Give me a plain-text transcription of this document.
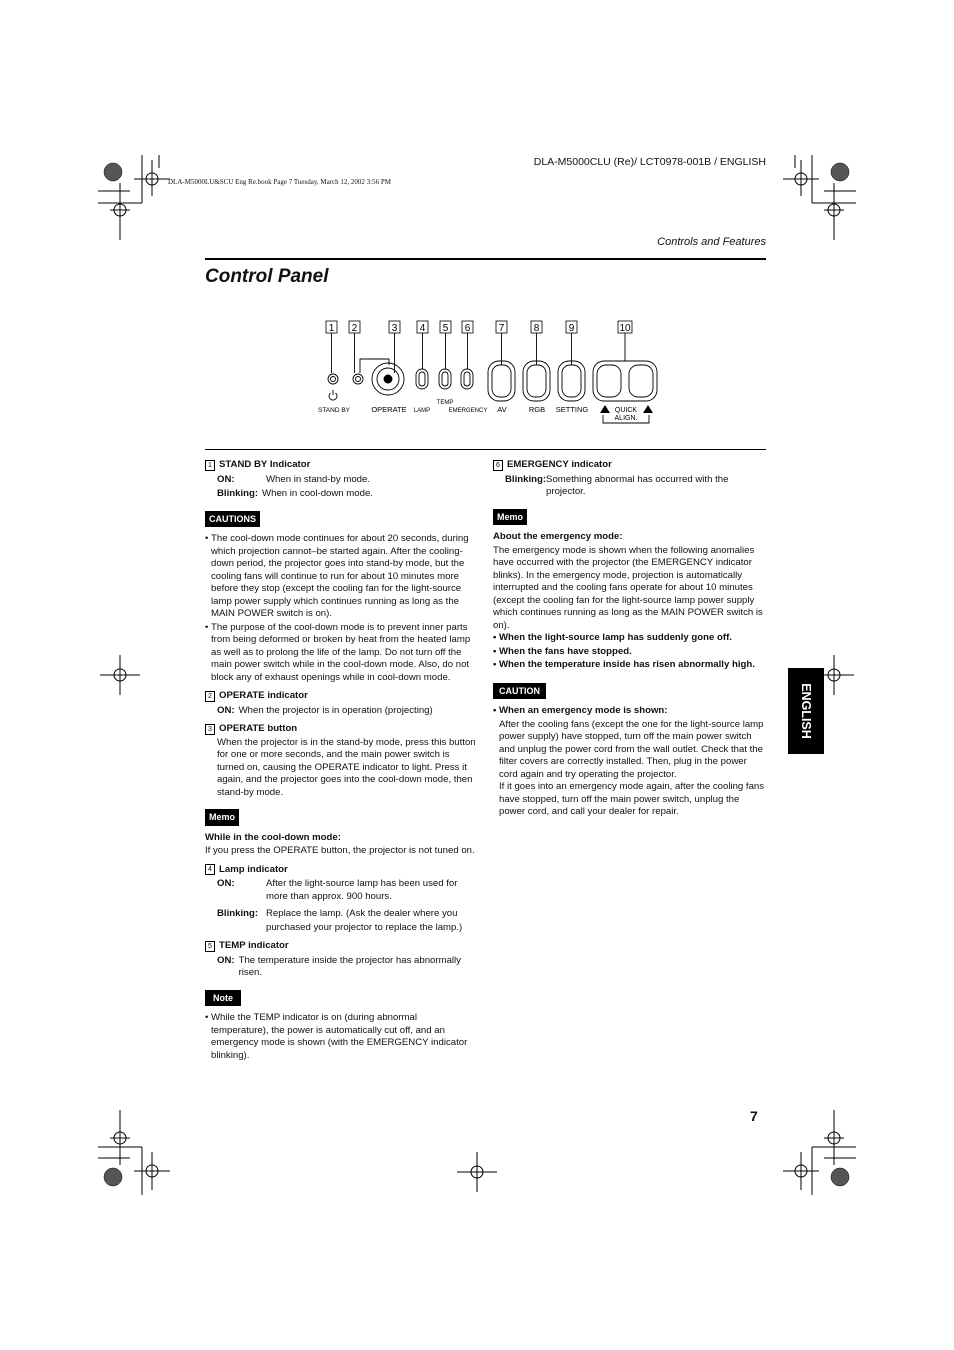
DLA-M5000CLU (Re)/ LCT0978-001B / ENGLISH
DLA-M5000LU&SCU Eng Re.book Page 7 Tuesday, March 12, 2002 3:56 PM
Controls and Features
Control Panel
1 2	3 4 5 6	7	8	9	10
STAND BY	OPERATE LAMP
TEMP
EMERGENCY AV	RGB SETTING	QUICK
ALIGN.
1 STAND BY Indicator
ON:	When in stand-by mode.
Blinking: When in cool-down mode.
CAUTIONS
• The cool-down mode continues for about 20 seconds, during which projection cannot–be started again. After the cooling-down period, the projector goes into stand-by mode, but the cooling fans will continue to run for about 10 minutes more before they stop (except the cooling fan for the light-source lamp power supply which continues running as long as the MAIN POWER switch is on).
• The purpose of the cool-down mode is to prevent inner parts from being deformed or broken by heat from the heated lamp as well as to prolong the life of the lamp. Do not turn off the main power switch while in the cool-down mode. Also, do not block any of exhaust openings while in cool-down mode.
2 OPERATE indicator
ON: When the projector is in operation (projecting)
3 OPERATE button
When the projector is in the stand-by mode, press this button for one or more seconds, and the main power switch is turned on, causing the OPERATE indicator to light. Press it again, and the projector goes into the cool-down mode, then stand-by mode.
Memo
While in the cool-down mode:
If you press the OPERATE button, the projector is not tuned on.
4 Lamp indicator
ON:	After the light-source lamp has been used for more than approx. 900 hours.
Blinking: Replace the lamp. (Ask the dealer where you purchased your projector to replace the lamp.)
5 TEMP indicator
ON: The temperature inside the projector has abnormally risen.
Note
• While the TEMP indicator is on (during abnormal temperature), the power is automatically cut off, and an emergency mode is shown (with the EMERGENCY indicator blinking).
6 EMERGENCY indicator
Blinking: Something abnormal has occurred with the projector.
Memo
About the emergency mode:
The emergency mode is shown when the following anomalies have occurred with the projector (the EMERGENCY indicator blinks). In the emergency mode, projection is automatically interrupted and the cooling fans operate for about 10 minutes (except the cooling fan for the light-source lamp power supply which continues running as long as the MAIN POWER switch is on).
• When the light-source lamp has suddenly gone off.
• When the fans have stopped.
• When the temperature inside has risen abnormally high.
CAUTION
• When an emergency mode is shown:
After the cooling fans (except the one for the light-source lamp power supply) have stopped, turn off the main power switch and unplug the power cord from the wall outlet. Check that the filter covers are correctly installed. Then, plug in the power cord again and try operating the projector.
If it goes into an emergency mode again, after the cooling fans have stopped, turn off the main power switch, unplug the power cord, and call your dealer for repair.
ENGLISH
7
